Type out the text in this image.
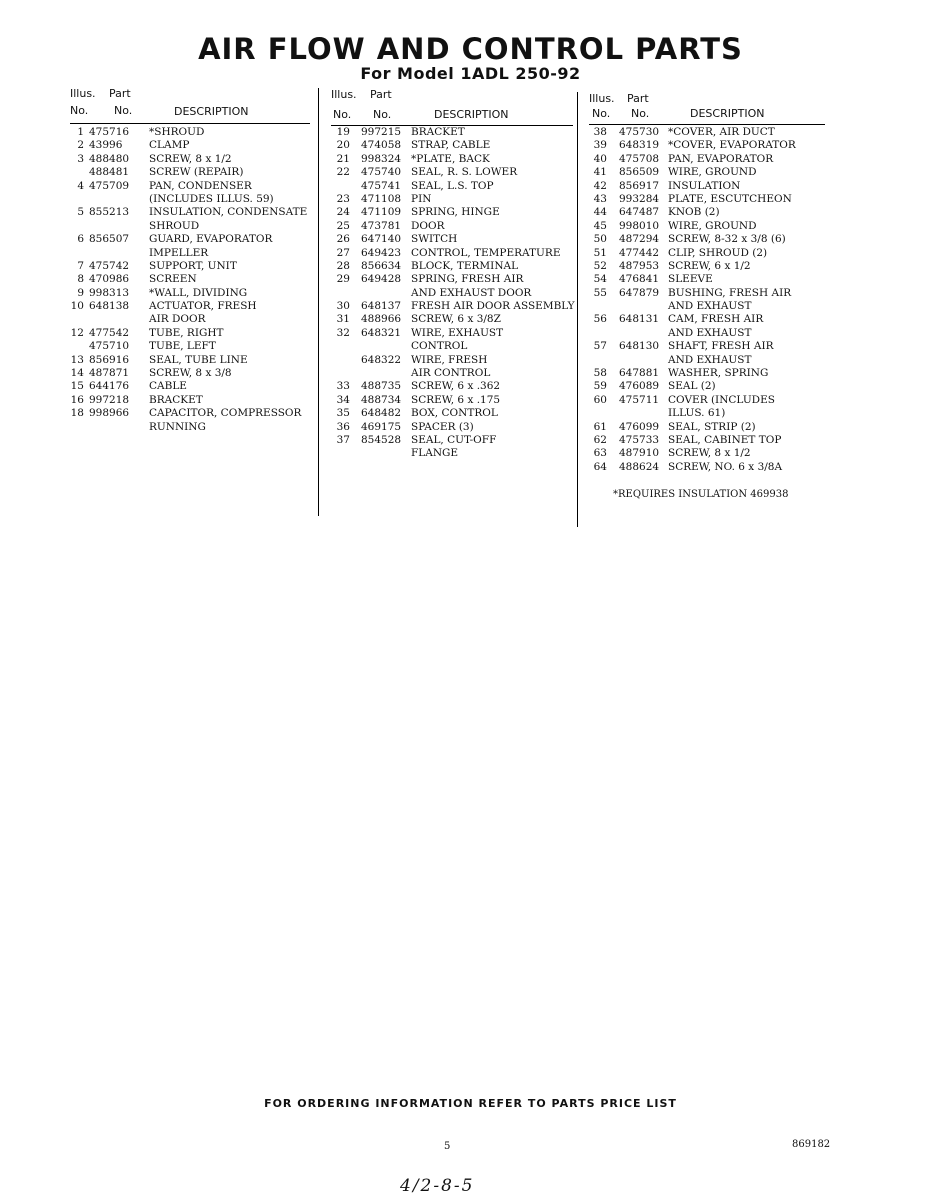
AIR FLOW AND CONTROL PARTS
For Model 1ADL 250-92
Illus.
No.
Part
No.	DESCRIPTION
1 475716 *SHROUD
2 43996	CLAMP
3 488480 SCREW, 8 x 1/2
488481 SCREW (REPAIR)
4 475709 PAN, CONDENSER
(INCLUDES ILLUS. 59)
5 855213 INSULATION, CONDENSATE
SHROUD
6 856507 GUARD, EVAPORATOR
IMPELLER
7 475742 SUPPORT, UNIT
8 470986 SCREEN
9 998313 *WALL, DIVIDING
10 648138 ACTUATOR, FRESH
AIR DOOR
12 477542 TUBE, RIGHT
475710 TUBE, LEFT
13 856916 SEAL, TUBE LINE
14 487871 SCREW, 8 x 3/8
15 644176 CABLE
16 997218 BRACKET
18 998966 CAPACITOR, COMPRESSOR
RUNNING
Illus.
No.
Part
No.	DESCRIPTION
19 997215 BRACKET
20 474058 STRAP, CABLE
21 998324 *PLATE, BACK
22 475740 SEAL, R. S. LOWER
475741 SEAL, L.S. TOP
23 471108 PIN
24 471109 SPRING, HINGE
25 473781 DOOR
26 647140 SWITCH
27 649423 CONTROL, TEMPERATURE
28 856634 BLOCK, TERMINAL
29 649428 SPRING, FRESH AIR
AND EXHAUST DOOR
30 648137 FRESH AIR DOOR ASSEMBLY
31 488966 SCREW, 6 x 3/8Z
32 648321 WIRE, EXHAUST
CONTROL
648322 WIRE, FRESH
AIR CONTROL
33 488735 SCREW, 6 x .362
34 488734 SCREW, 6 x .175
35 648482 BOX, CONTROL
36 469175 SPACER (3)
37 854528 SEAL, CUT-OFF
FLANGE
Illus.
No.
Part
No.	DESCRIPTION
38 475730 *COVER, AIR DUCT
39 648319 *COVER, EVAPORATOR
40 475708 PAN, EVAPORATOR
41 856509 WIRE, GROUND
42 856917 INSULATION
43 993284 PLATE, ESCUTCHEON
44 647487 KNOB (2)
45 998010 WIRE, GROUND
50 487294 SCREW, 8-32 x 3/8 (6)
51 477442 CLIP, SHROUD (2)
52 487953 SCREW, 6 x 1/2
54 476841 SLEEVE
55 647879 BUSHING, FRESH AIR
AND EXHAUST
56 648131 CAM, FRESH AIR
AND EXHAUST
57 648130 SHAFT, FRESH AIR
AND EXHAUST
58 647881 WASHER, SPRING
59 476089 SEAL (2)
60 475711 COVER (INCLUDES
ILLUS. 61)
61 476099 SEAL, STRIP (2)
62 475733 SEAL, CABINET TOP
63 487910 SCREW, 8 x 1/2
64 488624 SCREW, NO. 6 x 3/8A
*REQUIRES INSULATION 469938
FOR ORDERING INFORMATION REFER TO PARTS PRICE LIST
5	869182
4/2-8-5
